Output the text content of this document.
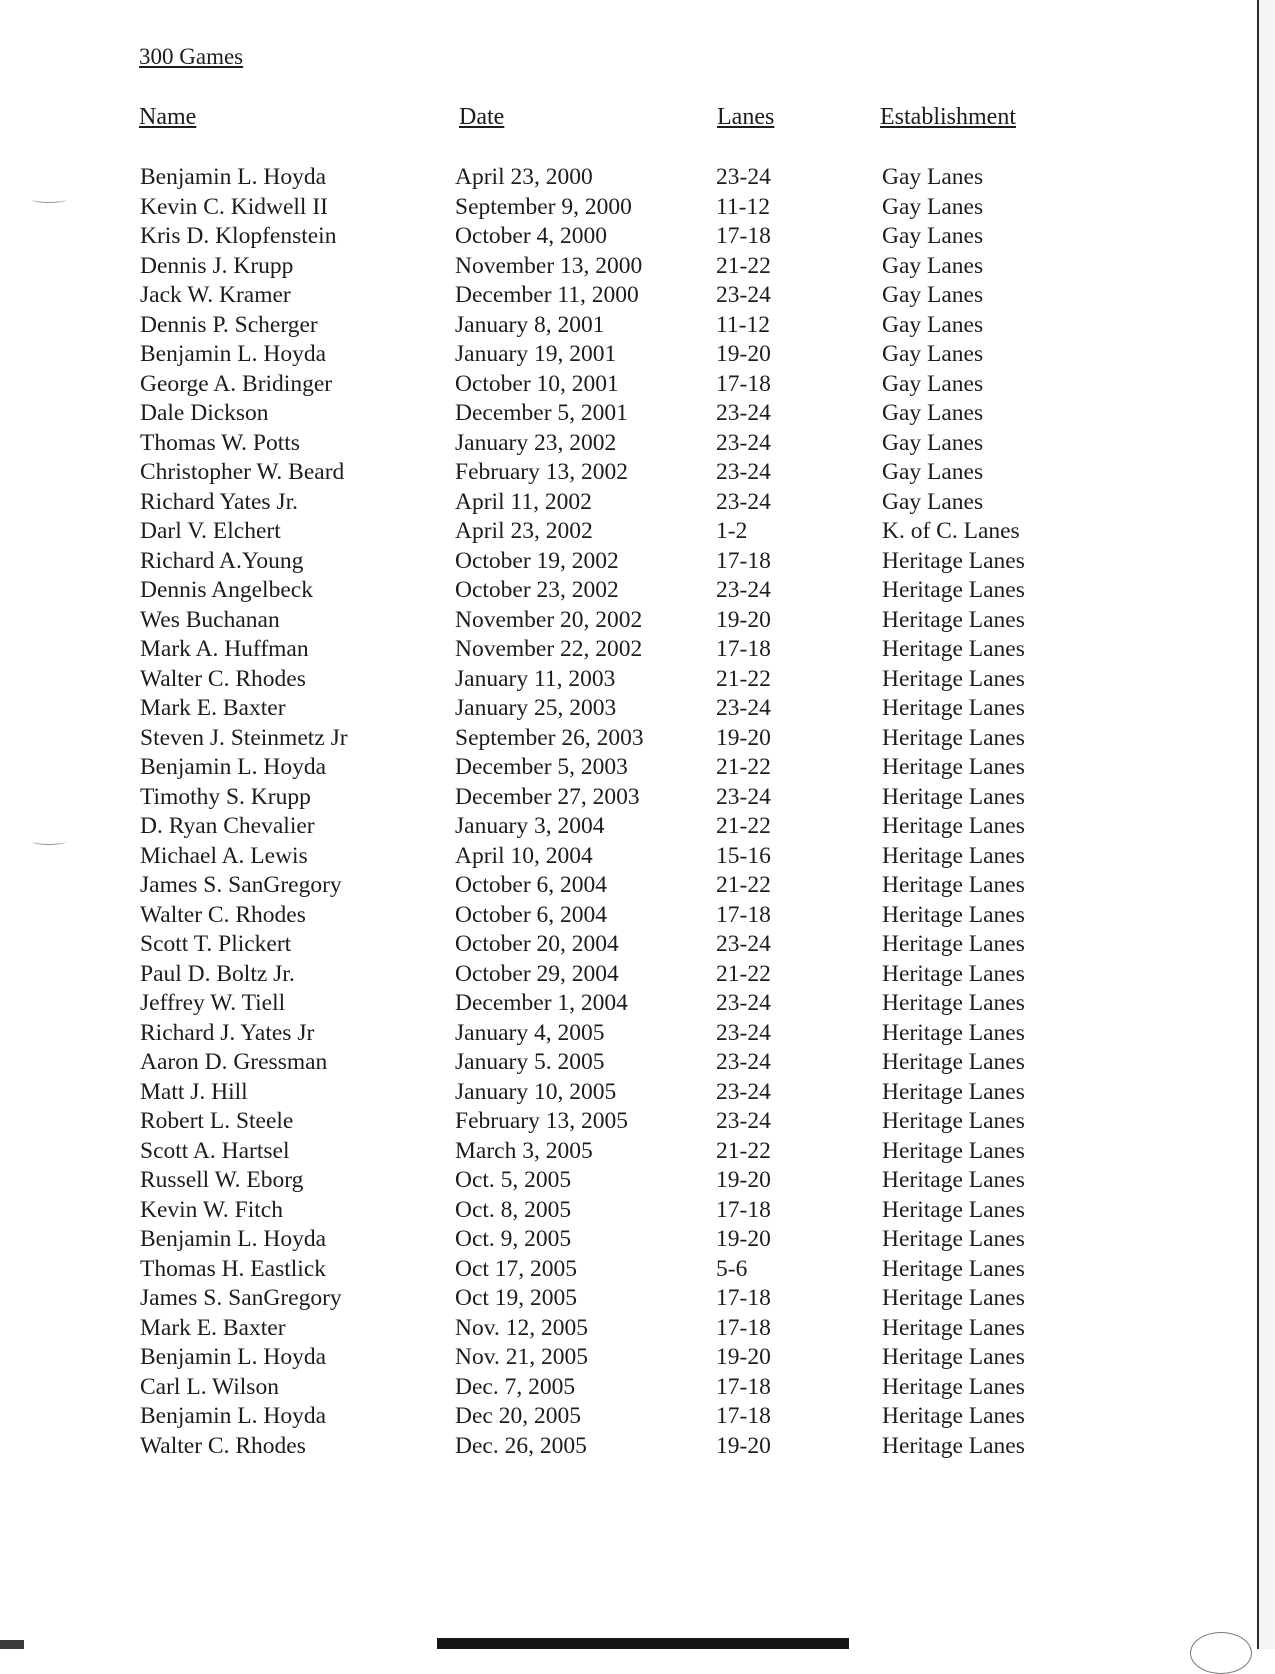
300 Games
Name	Date	Lanes	Establishment
Benjamin L. Hoyda	April 23, 2000	23-24	Gay Lanes
Kevin C. Kidwell II	September 9, 2000	11-12	Gay Lanes
Kris D. Klopfenstein	October 4, 2000	17-18	Gay Lanes
Dennis J. Krupp	November 13, 2000	21-22	Gay Lanes
Jack W. Kramer	December 11, 2000	23-24	Gay Lanes
Dennis P. Scherger	January 8, 2001	11-12	Gay Lanes
Benjamin L. Hoyda	January 19, 2001	19-20	Gay Lanes
George A. Bridinger	October 10, 2001	17-18	Gay Lanes
Dale Dickson	December 5, 2001	23-24	Gay Lanes
Thomas W. Potts	January 23, 2002	23-24	Gay Lanes
Christopher W. Beard	February 13, 2002	23-24	Gay Lanes
Richard Yates Jr.	April 11, 2002	23-24	Gay Lanes
Darl V. Elchert	April 23, 2002	1-2	K. of C. Lanes
Richard A.Young	October 19, 2002	17-18	Heritage Lanes
Dennis Angelbeck	October 23, 2002	23-24	Heritage Lanes
Wes Buchanan	November 20, 2002	19-20	Heritage Lanes
Mark A. Huffman	November 22, 2002	17-18	Heritage Lanes
Walter C. Rhodes	January 11, 2003	21-22	Heritage Lanes
Mark E. Baxter	January 25, 2003	23-24	Heritage Lanes
Steven J. Steinmetz Jr	September 26, 2003	19-20	Heritage Lanes
Benjamin L. Hoyda	December 5, 2003	21-22	Heritage Lanes
Timothy S. Krupp	December 27, 2003	23-24	Heritage Lanes
D. Ryan Chevalier	January 3, 2004	21-22	Heritage Lanes
Michael A. Lewis	April 10, 2004	15-16	Heritage Lanes
James S. SanGregory	October 6, 2004	21-22	Heritage Lanes
Walter C. Rhodes	October 6, 2004	17-18	Heritage Lanes
Scott T. Plickert	October 20, 2004	23-24	Heritage Lanes
Paul D. Boltz Jr.	October 29, 2004	21-22	Heritage Lanes
Jeffrey W. Tiell	December 1, 2004	23-24	Heritage Lanes
Richard J. Yates Jr	January 4, 2005	23-24	Heritage Lanes
Aaron D. Gressman	January 5. 2005	23-24	Heritage Lanes
Matt J. Hill	January 10, 2005	23-24	Heritage Lanes
Robert L. Steele	February 13, 2005	23-24	Heritage Lanes
Scott A. Hartsel	March 3, 2005	21-22	Heritage Lanes
Russell W. Eborg	Oct. 5, 2005	19-20	Heritage Lanes
Kevin W. Fitch	Oct. 8, 2005	17-18	Heritage Lanes
Benjamin L. Hoyda	Oct. 9, 2005	19-20	Heritage Lanes
Thomas H. Eastlick	Oct 17, 2005	5-6	Heritage Lanes
James S. SanGregory	Oct 19, 2005	17-18	Heritage Lanes
Mark E. Baxter	Nov. 12, 2005	17-18	Heritage Lanes
Benjamin L. Hoyda	Nov. 21, 2005	19-20	Heritage Lanes
Carl L. Wilson	Dec. 7, 2005	17-18	Heritage Lanes
Benjamin L. Hoyda	Dec 20, 2005	17-18	Heritage Lanes
Walter C. Rhodes	Dec. 26, 2005	19-20	Heritage Lanes
